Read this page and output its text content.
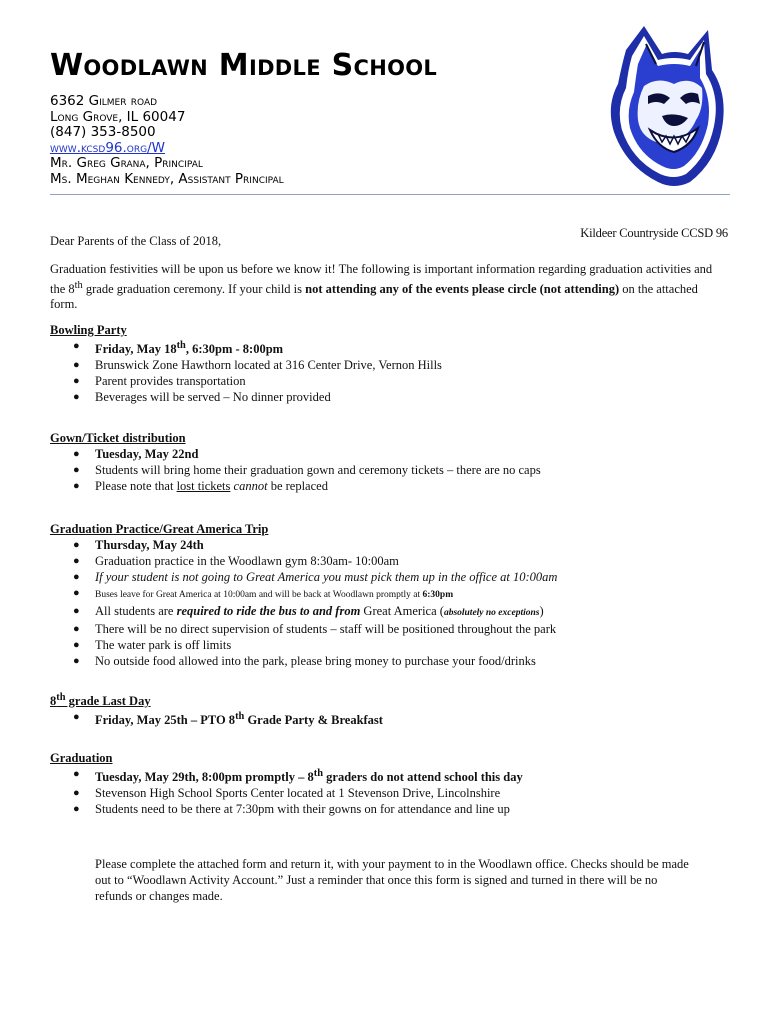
Woodlawn Middle School
6362 Gilmer road
Long Grove, IL 60047
(847) 353-8500
www.kcsd96.org/W
Mr. Greg Grana, Principal
Ms. Meghan Kennedy, Assistant Principal
Kildeer Countryside CCSD 96
Dear Parents of the Class of 2018,
Graduation festivities will be upon us before we know it! The following is important information regarding graduation activities and the 8th grade graduation ceremony. If your child is not attending any of the events please circle (not attending) on the attached form.
Bowling Party
● Friday, May 18th, 6:30pm - 8:00pm
● Brunswick Zone Hawthorn located at 316 Center Drive, Vernon Hills
● Parent provides transportation
● Beverages will be served – No dinner provided
Gown/Ticket distribution
● Tuesday, May 22nd
● Students will bring home their graduation gown and ceremony tickets – there are no caps
● Please note that lost tickets cannot be replaced
Graduation Practice/Great America Trip
● Thursday, May 24th
● Graduation practice in the Woodlawn gym 8:30am- 10:00am
● If your student is not going to Great America you must pick them up in the office at 10:00am
● Buses leave for Great America at 10:00am and will be back at Woodlawn promptly at 6:30pm
● All students are required to ride the bus to and from Great America (absolutely no exceptions)
● There will be no direct supervision of students – staff will be positioned throughout the park
● The water park is off limits
● No outside food allowed into the park, please bring money to purchase your food/drinks
8th grade Last Day
● Friday, May 25th – PTO 8th Grade Party & Breakfast
Graduation
● Tuesday, May 29th, 8:00pm promptly – 8th graders do not attend school this day
● Stevenson High School Sports Center located at 1 Stevenson Drive, Lincolnshire
● Students need to be there at 7:30pm with their gowns on for attendance and line up
Please complete the attached form and return it, with your payment to in the Woodlawn office. Checks should be made out to “Woodlawn Activity Account.” Just a reminder that once this form is signed and turned in there will be no refunds or changes made.
